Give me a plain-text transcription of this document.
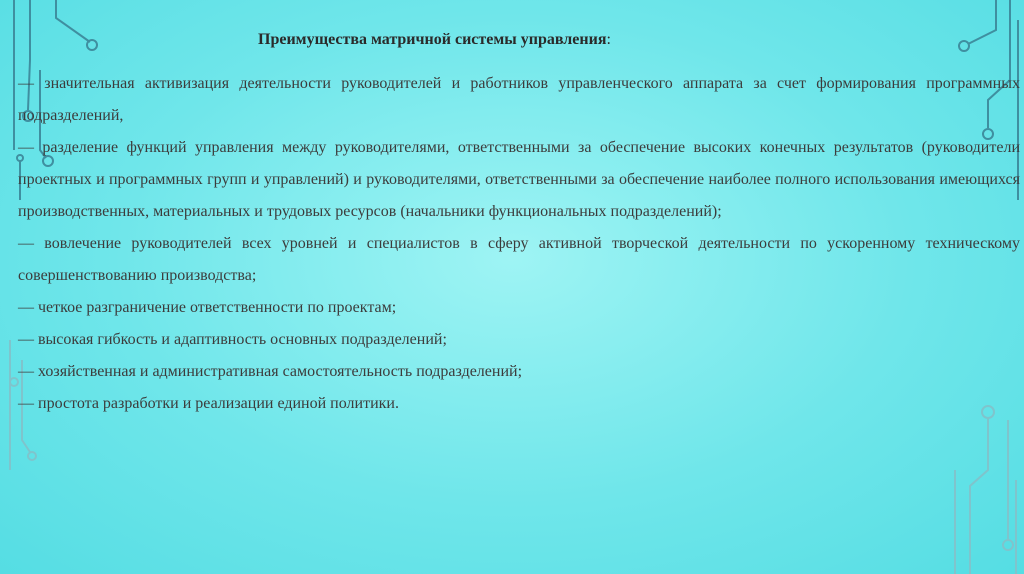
Преимущества матричной системы управления:
— значительная активизация деятельности руководителей и работников управленческого аппарата за счет формирования программных подразделений,
— разделение функций управления между руководителями, ответственными за обеспечение высоких конечных результатов (руководители проектных и программных групп и управлений) и руководителями, ответственными за обеспечение наиболее полного использования имеющихся производственных, материальных и трудовых ресурсов (начальники функциональных подразделений);
— вовлечение руководителей всех уровней и специалистов в сферу активной творческой деятельности по ускоренному техническому совершенствованию производства;
— четкое разграничение ответственности по проектам;
— высокая гибкость и адаптивность основных подразделений;
— хозяйственная и административная самостоятельность подразделений;
— простота разработки и реализации единой политики.
